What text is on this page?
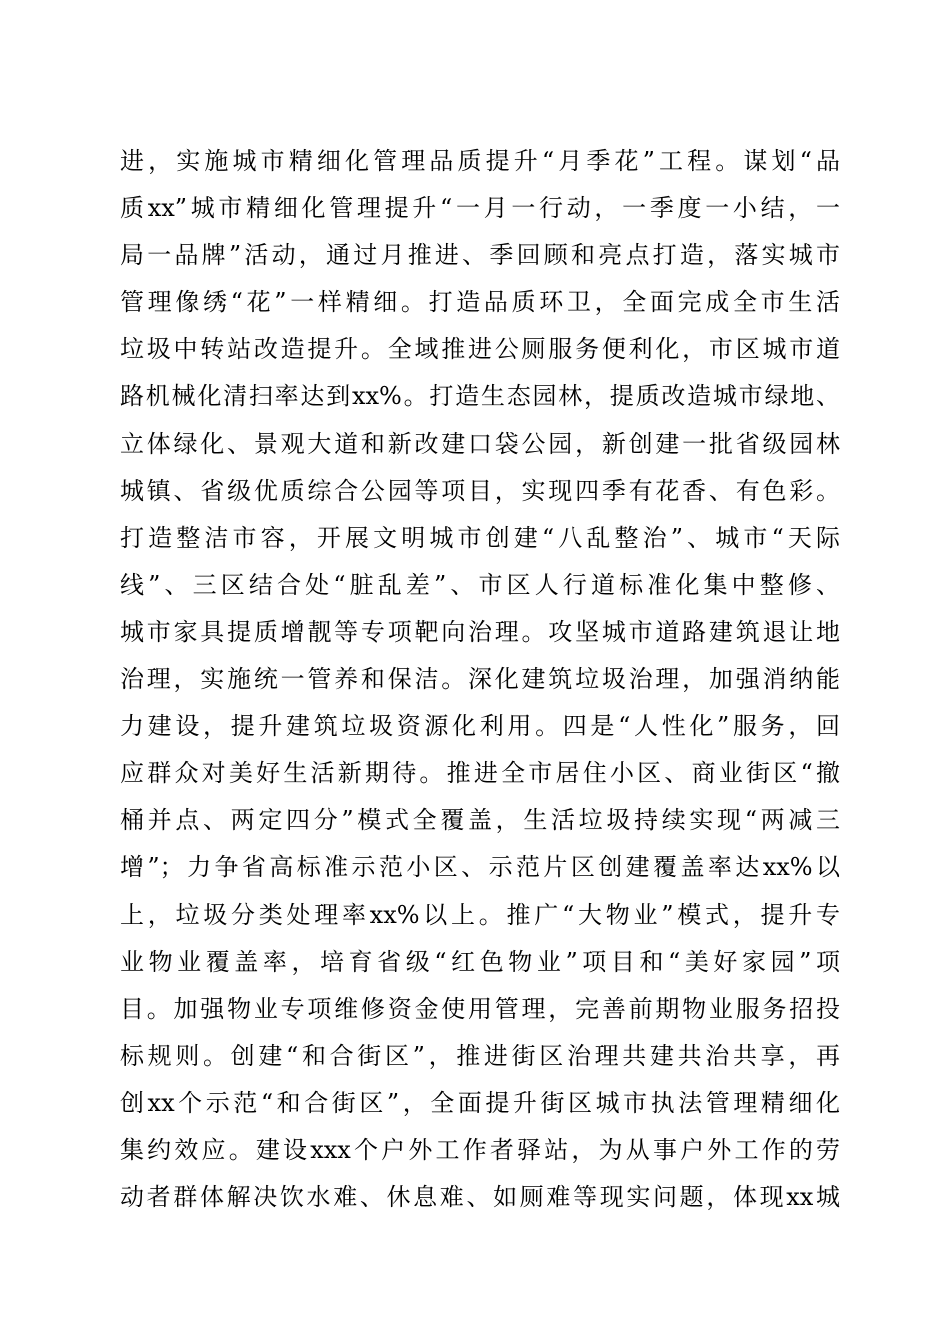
进，实施城市精细化管理品质提升“月季花”工程。谋划“品
质xx”城市精细化管理提升“一月一行动，一季度一小结，一
局一品牌”活动，通过月推进、季回顾和亮点打造，落实城市
管理像绣“花”一样精细。打造品质环卫，全面完成全市生活
垃圾中转站改造提升。全域推进公厕服务便利化，市区城市道
路机械化清扫率达到xx%。打造生态园林，提质改造城市绿地、
立体绿化、景观大道和新改建口袋公园，新创建一批省级园林
城镇、省级优质综合公园等项目，实现四季有花香、有色彩。
打造整洁市容，开展文明城市创建“八乱整治”、城市“天际
线”、三区结合处“脏乱差”、市区人行道标准化集中整修、
城市家具提质增靓等专项靶向治理。攻坚城市道路建筑退让地
治理，实施统一管养和保洁。深化建筑垃圾治理，加强消纳能
力建设，提升建筑垃圾资源化利用。四是“人性化”服务，回
应群众对美好生活新期待。推进全市居住小区、商业街区“撤
桶并点、两定四分”模式全覆盖，生活垃圾持续实现“两减三
增”；力争省高标准示范小区、示范片区创建覆盖率达xx%以
上，垃圾分类处理率xx%以上。推广“大物业”模式，提升专
业物业覆盖率，培育省级“红色物业”项目和“美好家园”项
目。加强物业专项维修资金使用管理，完善前期物业服务招投
标规则。创建“和合街区”，推进街区治理共建共治共享，再
创xx个示范“和合街区”，全面提升街区城市执法管理精细化
集约效应。建设xxx个户外工作者驿站，为从事户外工作的劳
动者群体解决饮水难、休息难、如厕难等现实问题，体现xx城
